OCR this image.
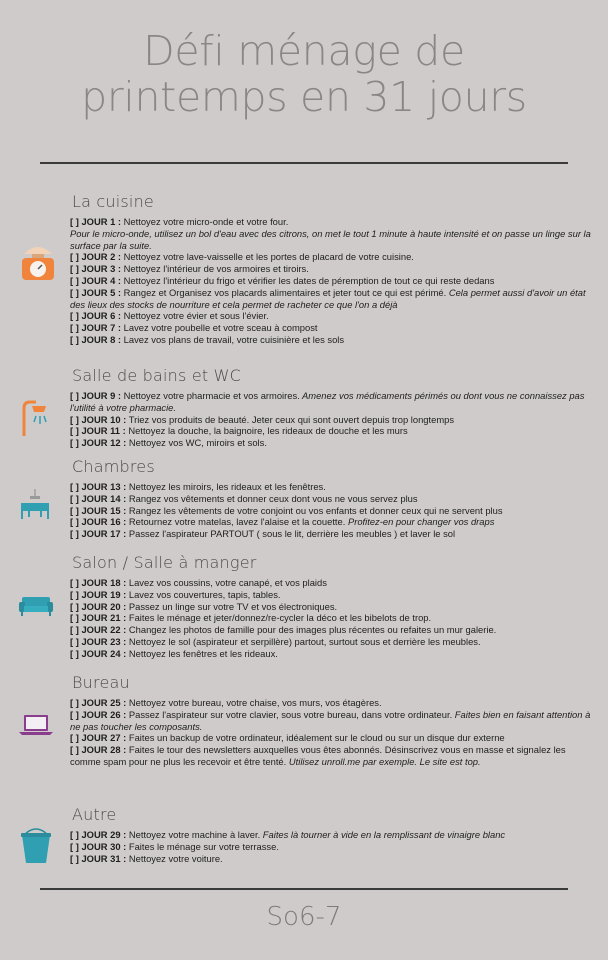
Défi ménage de
printemps en 31 jours
La cuisine
[ ] JOUR 1 : Nettoyez votre micro-onde et votre four.
Pour le micro-onde, utilisez un bol d'eau avec des citrons, on met le tout 1 minute à haute intensité et on passe un linge sur la surface par la suite.
[ ] JOUR 2 : Nettoyez votre lave-vaisselle et les portes de placard de votre cuisine.
[ ] JOUR 3 : Nettoyez l'intérieur de vos armoires et tiroirs.
[ ] JOUR 4 : Nettoyez l'intérieur du frigo et vérifier les dates de péremption de tout ce qui reste dedans
[ ] JOUR 5 : Rangez et Organisez vos placards alimentaires et jeter tout ce qui est périmé. Cela permet aussi d'avoir un état des lieux des stocks de nourriture et cela permet de racheter ce que l'on a déjà
[ ] JOUR 6 : Nettoyez votre évier et sous l'évier.
[ ] JOUR 7 : Lavez votre poubelle et votre sceau à compost
[ ] JOUR 8 : Lavez vos plans de travail, votre cuisinière et les sols
Salle de bains et WC
[ ] JOUR 9 : Nettoyez votre pharmacie et vos armoires. Amenez vos médicaments périmés ou dont vous ne connaissez pas l'utilité à votre pharmacie.
[ ] JOUR 10 : Triez vos produits de beauté. Jeter ceux qui sont ouvert depuis trop longtemps
[ ] JOUR 11 : Nettoyez la douche, la baignoire, les rideaux de douche et les murs
[ ] JOUR 12 : Nettoyez vos WC, miroirs et sols.
Chambres
[ ] JOUR 13 : Nettoyez les miroirs, les rideaux et les fenêtres.
[ ] JOUR 14 : Rangez vos vêtements et donner ceux dont vous ne vous servez plus
[ ] JOUR 15 : Rangez les vêtements de votre conjoint ou vos enfants et donner ceux qui ne servent plus
[ ] JOUR 16 : Retournez votre matelas, lavez l'alaise et la couette. Profitez-en pour changer vos draps
[ ] JOUR 17 : Passez l'aspirateur PARTOUT ( sous le lit, derrière les meubles ) et laver le sol
Salon / Salle à manger
[ ] JOUR 18 : Lavez vos coussins, votre canapé, et vos plaids
[ ] JOUR 19 : Lavez vos couvertures, tapis, tables.
[ ] JOUR 20 : Passez un linge sur votre TV et vos électroniques.
[ ] JOUR 21 : Faites le ménage et jeter/donnez/re-cycler la déco et les bibelots de trop.
[ ] JOUR 22 : Changez les photos de famille pour des images plus récentes ou refaites un mur galerie.
[ ] JOUR 23 : Nettoyez le sol (aspirateur et serpillère) partout, surtout sous et derrière les meubles.
[ ] JOUR 24 : Nettoyez les fenêtres et les rideaux.
Bureau
[ ] JOUR 25 : Nettoyez votre bureau, votre chaise, vos murs, vos étagères.
[ ] JOUR 26 : Passez l'aspirateur sur votre clavier, sous votre bureau, dans votre ordinateur. Faites bien en faisant attention à ne pas toucher les composants.
[ ] JOUR 27 : Faites un backup de votre ordinateur, idéalement sur le cloud ou sur un disque dur externe
[ ] JOUR 28 : Faites le tour des newsletters auxquelles vous êtes abonnés. Désinscrivez vous en masse et signalez les comme spam pour ne plus les recevoir et être tenté. Utilisez unroll.me par exemple. Le site est top.
Autre
[ ] JOUR 29 : Nettoyez votre machine à laver. Faites là tourner à vide en la remplissant de vinaigre blanc
[ ] JOUR 30 : Faites le ménage sur votre terrasse.
[ ] JOUR 31 : Nettoyez votre voiture.
So6-7
